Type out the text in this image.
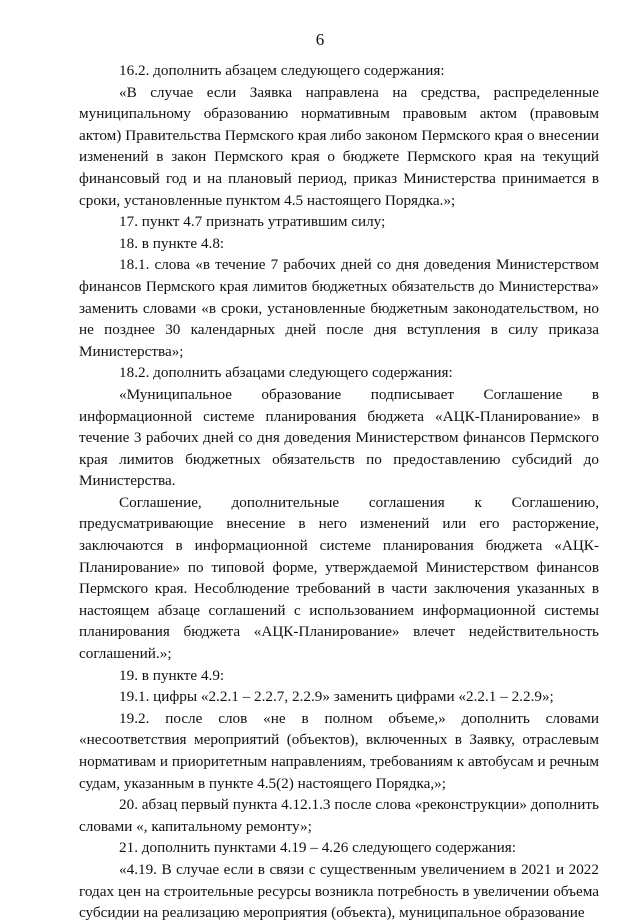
6

16.2. дополнить абзацем следующего содержания:

«В случае если Заявка направлена на средства, распределенные муниципальному образованию нормативным правовым актом (правовым актом) Правительства Пермского края либо законом Пермского края о внесении изменений в закон Пермского края о бюджете Пермского края на текущий финансовый год и на плановый период, приказ Министерства принимается в сроки, установленные пунктом 4.5 настоящего Порядка.»;

17. пункт 4.7 признать утратившим силу;

18. в пункте 4.8:

18.1. слова «в течение 7 рабочих дней со дня доведения Министерством финансов Пермского края лимитов бюджетных обязательств до Министерства» заменить словами «в сроки, установленные бюджетным законодательством, но не позднее 30 календарных дней после дня вступления в силу приказа Министерства»;

18.2. дополнить абзацами следующего содержания:

«Муниципальное образование подписывает Соглашение в информационной системе планирования бюджета «АЦК-Планирование» в течение 3 рабочих дней со дня доведения Министерством финансов Пермского края лимитов бюджетных обязательств по предоставлению субсидий до Министерства.

Соглашение, дополнительные соглашения к Соглашению, предусматривающие внесение в него изменений или его расторжение, заключаются в информационной системе планирования бюджета «АЦК-Планирование» по типовой форме, утверждаемой Министерством финансов Пермского края. Несоблюдение требований в части заключения указанных в настоящем абзаце соглашений с использованием информационной системы планирования бюджета «АЦК-Планирование» влечет недействительность соглашений.»;

19. в пункте 4.9:

19.1. цифры «2.2.1 – 2.2.7, 2.2.9» заменить цифрами «2.2.1 – 2.2.9»;

19.2. после слов «не в полном объеме,» дополнить словами «несоответствия мероприятий (объектов), включенных в Заявку, отраслевым нормативам и приоритетным направлениям, требованиям к автобусам и речным судам, указанным в пункте 4.5(2) настоящего Порядка,»;

20. абзац первый пункта 4.12.1.3 после слова «реконструкции» дополнить словами «, капитальному ремонту»;

21. дополнить пунктами 4.19 – 4.26 следующего содержания:

«4.19. В случае если в связи с существенным увеличением в 2021 и 2022 годах цен на строительные ресурсы возникла потребность в увеличении объема субсидии на реализацию мероприятия (объекта), муниципальное образование
